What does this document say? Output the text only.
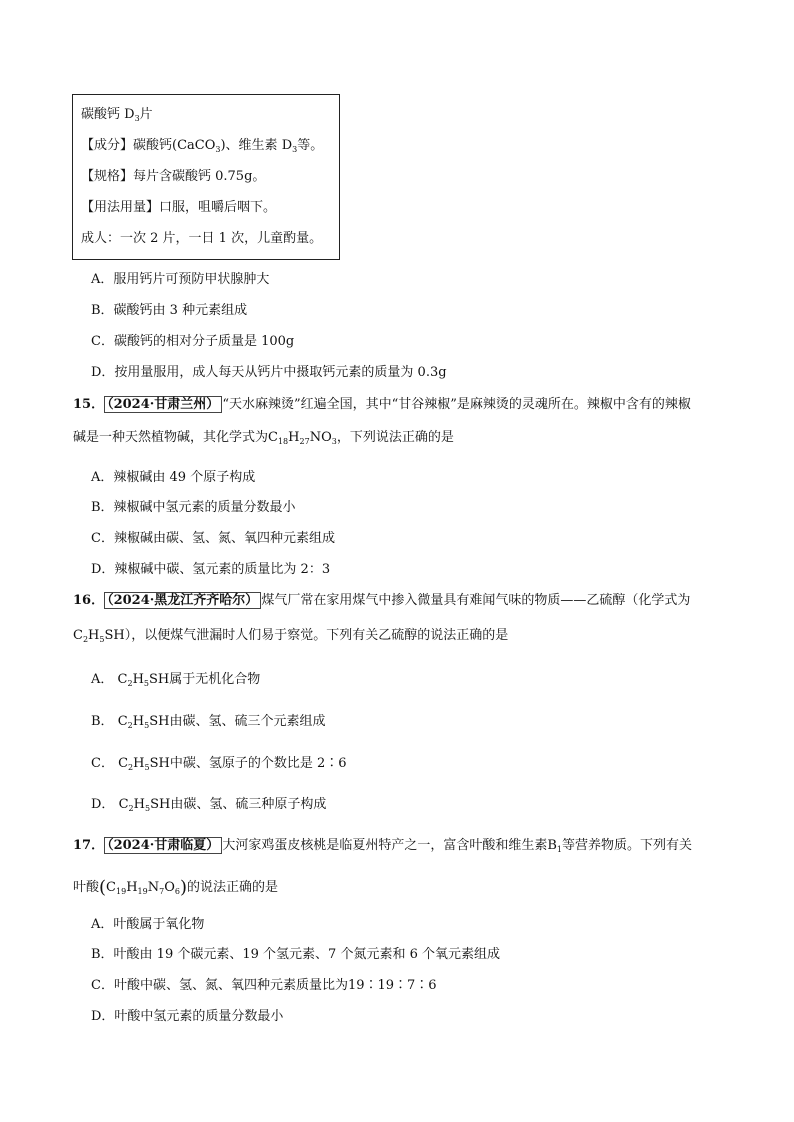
碳酸钙 $D_3$片
【成分】碳酸钙(CaCO$_3$)、维生素 $D_3$等。
【规格】每片含碳酸钙 0.75g。
【用法用量】口服，咀嚼后咽下。
成人：一次 2 片，一日 1 次，儿童酌量。
A．服用钙片可预防甲状腺肿大
B．碳酸钙由 3 种元素组成
C．碳酸钙的相对分子质量是 100g
D．按用量服用，成人每天从钙片中摄取钙元素的质量为 0.3g
15． （2024·甘肃兰州） “天水麻辣烫”红遍全国，其中“甘谷辣椒”是麻辣烫的灵魂所在。辣椒中含有的辣椒
碱是一种天然植物碱，其化学式为$C_{18}H_{27}NO_3$，下列说法正确的是
A．辣椒碱由 49 个原子构成
B．辣椒碱中氢元素的质量分数最小
C．辣椒碱由碳、氢、氮、氧四种元素组成
D．辣椒碱中碳、氢元素的质量比为 2：3
16． （2024·黑龙江齐齐哈尔） 煤气厂常在家用煤气中掺入微量具有难闻气味的物质——乙硫醇（化学式为
$C_2H_5SH$），以便煤气泄漏时人们易于察觉。下列有关乙硫醇的说法正确的是
A． $C_2H_5SH$属于无机化合物
B． $C_2H_5SH$由碳、氢、硫三个元素组成
C． $C_2H_5SH$中碳、氢原子的个数比是 2∶6
D． $C_2H_5SH$由碳、氢、硫三种原子构成
17． （2024·甘肃临夏） 大河家鸡蛋皮核桃是临夏州特产之一，富含叶酸和维生素$B_1$等营养物质。下列有关
叶酸$(C_{19}H_{19}N_7O_6)$的说法正确的是
A．叶酸属于氧化物
B．叶酸由 19 个碳元素、19 个氢元素、7 个氮元素和 6 个氧元素组成
C．叶酸中碳、氢、氮、氧四种元素质量比为19∶19∶7∶6
D．叶酸中氢元素的质量分数最小
